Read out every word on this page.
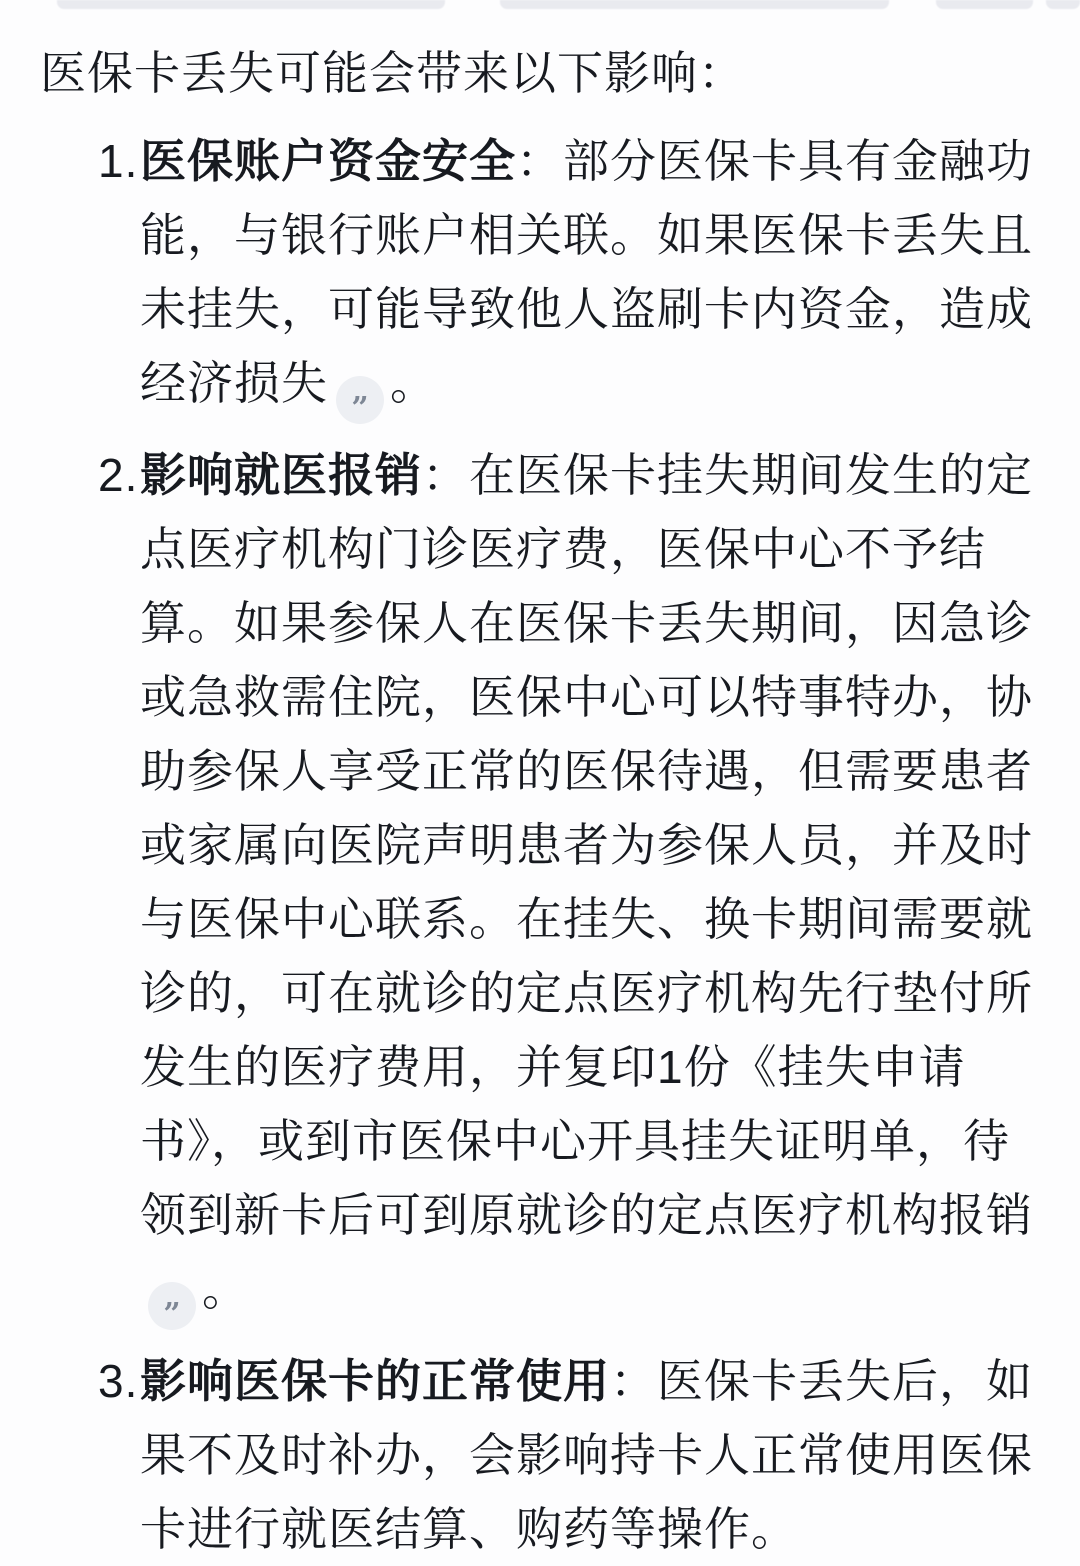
医保卡丢失可能会带来以下影响：
1. 医保账户资金安全：部分医保卡具有金融功
能，与银行账户相关联。如果医保卡丢失且
未挂失，可能导致他人盗刷卡内资金，造成
经济损失 ” 。
2. 影响就医报销：在医保卡挂失期间发生的定
点医疗机构门诊医疗费，医保中心不予结
算。如果参保人在医保卡丢失期间，因急诊
或急救需住院，医保中心可以特事特办，协
助参保人享受正常的医保待遇，但需要患者
或家属向医院声明患者为参保人员，并及时
与医保中心联系。在挂失、换卡期间需要就
诊的，可在就诊的定点医疗机构先行垫付所
发生的医疗费用，并复印1份《挂失申请
书》，或到市医保中心开具挂失证明单，待
领到新卡后可到原就诊的定点医疗机构报销
” 。
3. 影响医保卡的正常使用：医保卡丢失后，如
果不及时补办，会影响持卡人正常使用医保
卡进行就医结算、购药等操作。
